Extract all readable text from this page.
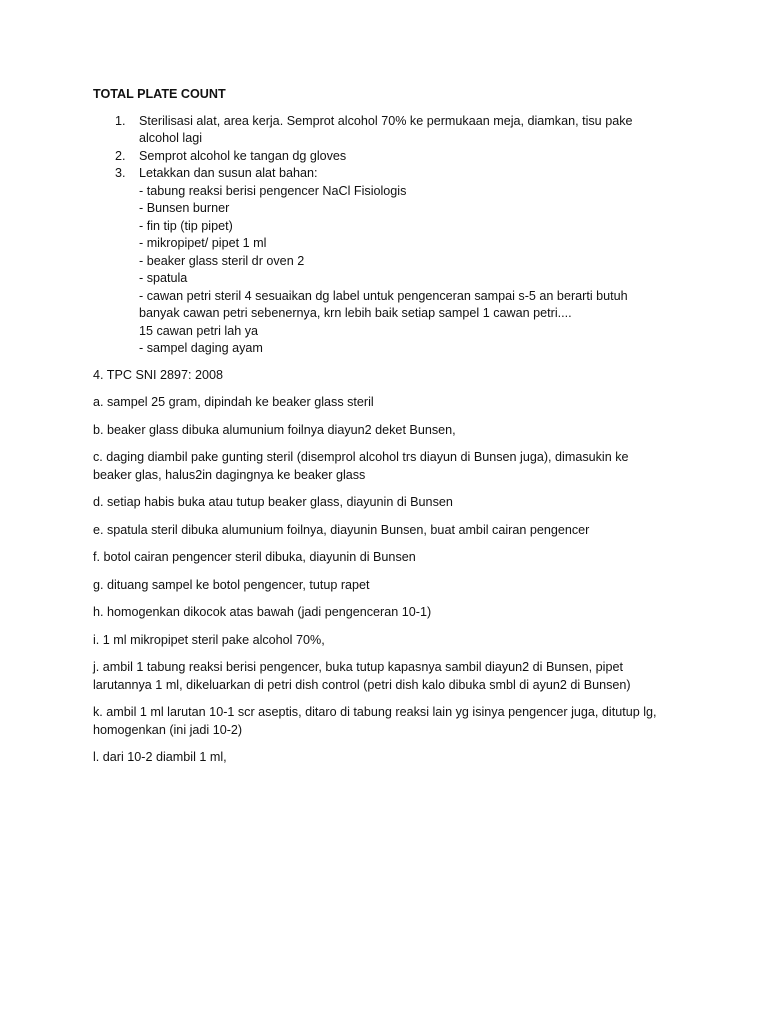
TOTAL PLATE COUNT
1. Sterilisasi alat, area kerja. Semprot alcohol 70% ke permukaan meja, diamkan, tisu pake
alcohol lagi
2. Semprot alcohol ke tangan dg gloves
3. Letakkan dan susun alat bahan:
- tabung reaksi berisi pengencer NaCl Fisiologis
- Bunsen burner
- fin tip (tip pipet)
- mikropipet/ pipet 1 ml
- beaker glass steril dr oven 2
- spatula
- cawan petri steril 4 sesuaikan dg label untuk pengenceran sampai s-5 an berarti butuh
banyak cawan petri sebenernya, krn lebih baik setiap sampel 1 cawan petri....
15 cawan petri lah ya
- sampel daging ayam

4. TPC SNI 2897: 2008

a. sampel 25 gram, dipindah ke beaker glass steril

b. beaker glass dibuka alumunium foilnya diayun2 deket Bunsen,

c. daging diambil pake gunting steril (disemprol alcohol trs diayun di Bunsen juga), dimasukin ke
beaker glas, halus2in dagingnya ke beaker glass

d. setiap habis buka atau tutup beaker glass, diayunin di Bunsen

e. spatula steril dibuka alumunium foilnya, diayunin Bunsen, buat ambil cairan pengencer

f. botol cairan pengencer steril dibuka, diayunin di Bunsen

g. dituang sampel ke botol pengencer, tutup rapet

h. homogenkan dikocok atas bawah (jadi pengenceran 10-1)

i. 1 ml mikropipet steril pake alcohol 70%,

j. ambil 1 tabung reaksi berisi pengencer, buka tutup kapasnya sambil diayun2 di Bunsen, pipet
larutannya 1 ml, dikeluarkan di petri dish control (petri dish kalo dibuka smbl di ayun2 di Bunsen)

k. ambil 1 ml larutan 10-1 scr aseptis, ditaro di tabung reaksi lain yg isinya pengencer juga, ditutup lg,
homogenkan (ini jadi 10-2)

l. dari 10-2 diambil 1 ml,
